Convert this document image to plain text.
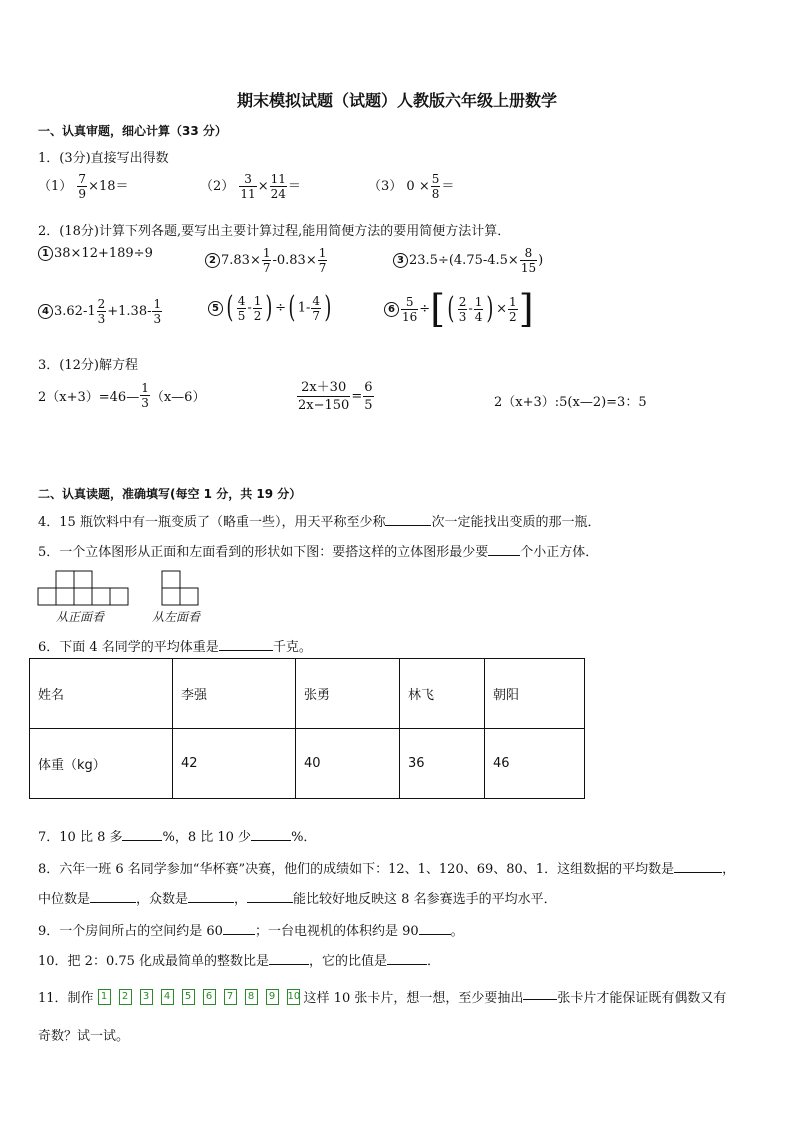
期末模拟试题（试题）人教版六年级上册数学
一、认真审题，细心计算（33 分）
1．(3分)直接写出得数
$(1) \frac{7}{9} \times 18=$	$(2) \frac{3}{11} \times \frac{11}{24}$ ＝	（3） $0 \times \frac{5}{8}$ ＝
2．(18分)计算下列各题,要写出主要计算过程,能用简便方法的要用简便方法计算．
1 38×12+189÷9	2 $7.83\times \frac{1}{7} -0.83\times \frac{1}{7}$	3 $23.5\div(4.75-4.5\times \frac{8}{15}$ )
4 $3.62-1 \frac{2}{3} +1.38- \frac{1}{3}$	5 ( $\frac{4}{5} - \frac{1}{2}$ ) ÷( $1- \frac{4}{7}$ )	$6 \frac{5}{16}$ ÷[( $\frac{2}{3} - \frac{1}{4}$ ) × $\frac{1}{2}$ ]
3．(12分)解方程
2（x+3）=46— $\frac{1}{3}$ （x—6）	$\frac{2x+30}{2x-150} = \frac{6}{5}$	2（x+3）:5(x—2)=3：5
二、认真读题，准确填写(每空 1 分，共 19 分）
4．15 瓶饮料中有一瓶变质了（略重一些），用天平称至少称	次一定能找出变质的那一瓶．
5．一个立体图形从正面和左面看到的形状如下图：要搭这样的立体图形最少要 个小正方体．
从正面看	从左面看
6．下面 4 名同学的平均体重是	千克。
姓名	李强	张勇	林飞	朝阳
体重（kg）	42	40	36	46
7．10 比 8 多	%，8 比 10 少	%．
8．六年一班 6 名同学参加“华杯赛”决赛，他们的成绩如下：12、1、120、69、80、1．这组数据的平均数是	，
中位数是	，众数是	，	能比较好地反映这 8 名参赛选手的平均水平．
9．一个房间所占的空间约是 60 ；一台电视机的体积约是 90 。
10．把 2：0.75 化成最简单的整数比是	，它的比值是	．
11．制作 1 2 3 4 5 6 7 8 9 10 这样 10 张卡片，想一想，至少要抽出	张卡片才能保证既有偶数又有
奇数？试一试。
